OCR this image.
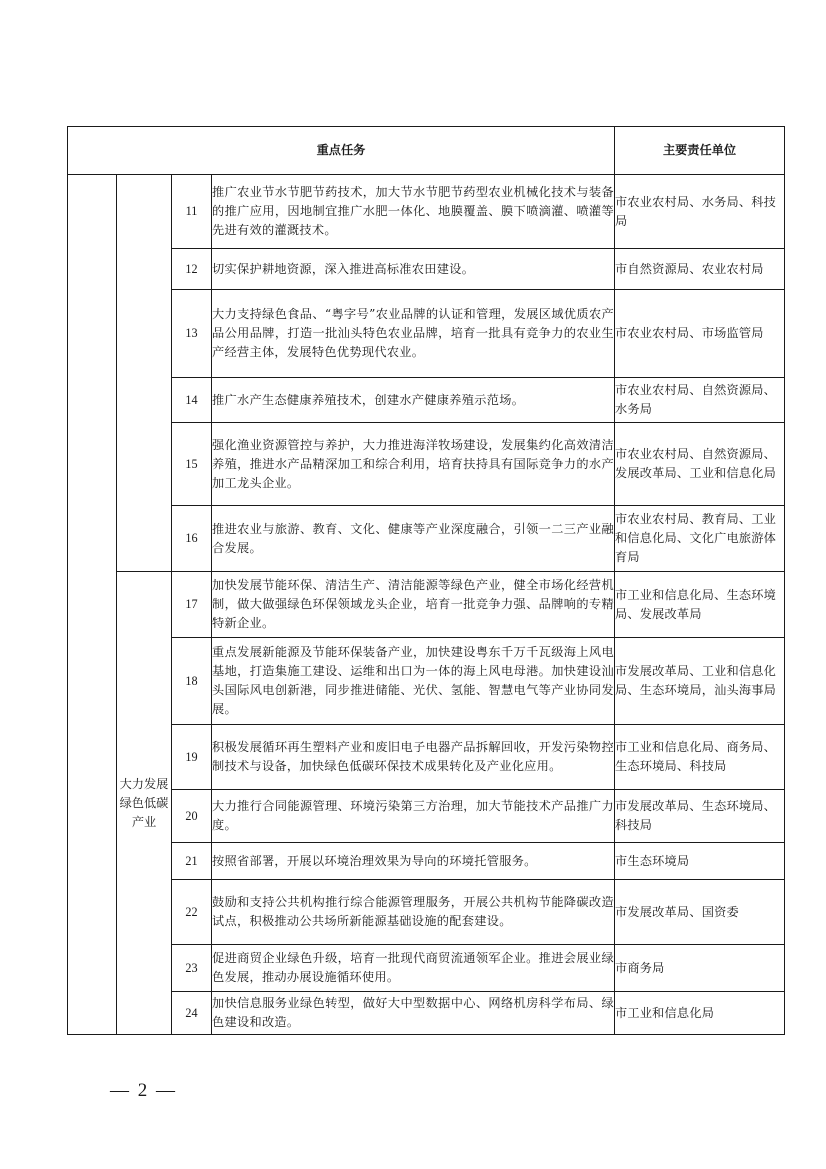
重点任务				主要责任单位
		11	推广农业节水节肥节药技术，加大节水节肥节药型农业机械化技术与装备的推广应用，因地制宜推广水肥一体化、地膜覆盖、膜下喷滴灌、喷灌等先进有效的灌溉技术。	市农业农村局、水务局、科技局
		12	切实保护耕地资源，深入推进高标准农田建设。	市自然资源局、农业农村局
		13	大力支持绿色食品、“粤字号”农业品牌的认证和管理，发展区域优质农产品公用品牌，打造一批汕头特色农业品牌，培育一批具有竞争力的农业生产经营主体，发展特色优势现代农业。	市农业农村局、市场监管局
		14	推广水产生态健康养殖技术，创建水产健康养殖示范场。	市农业农村局、自然资源局、水务局
		15	强化渔业资源管控与养护，大力推进海洋牧场建设，发展集约化高效清洁养殖，推进水产品精深加工和综合利用，培育扶持具有国际竞争力的水产加工龙头企业。	市农业农村局、自然资源局、发展改革局、工业和信息化局
		16	推进农业与旅游、教育、文化、健康等产业深度融合，引领一二三产业融合发展。	市农业农村局、教育局、工业和信息化局、文化广电旅游体育局
	大力发展绿色低碳产业	17	加快发展节能环保、清洁生产、清洁能源等绿色产业，健全市场化经营机制，做大做强绿色环保领域龙头企业，培育一批竞争力强、品牌响的专精特新企业。	市工业和信息化局、生态环境局、发展改革局
		18	重点发展新能源及节能环保装备产业，加快建设粤东千万千瓦级海上风电基地，打造集施工建设、运维和出口为一体的海上风电母港。加快建设汕头国际风电创新港，同步推进储能、光伏、氢能、智慧电气等产业协同发展。	市发展改革局、工业和信息化局、生态环境局，汕头海事局
		19	积极发展循环再生塑料产业和废旧电子电器产品拆解回收，开发污染物控制技术与设备，加快绿色低碳环保技术成果转化及产业化应用。	市工业和信息化局、商务局、生态环境局、科技局
		20	大力推行合同能源管理、环境污染第三方治理，加大节能技术产品推广力度。	市发展改革局、生态环境局、科技局
		21	按照省部署，开展以环境治理效果为导向的环境托管服务。	市生态环境局
		22	鼓励和支持公共机构推行综合能源管理服务，开展公共机构节能降碳改造试点，积极推动公共场所新能源基础设施的配套建设。	市发展改革局、国资委
		23	促进商贸企业绿色升级，培育一批现代商贸流通领军企业。推进会展业绿色发展，推动办展设施循环使用。	市商务局
		24	加快信息服务业绿色转型，做好大中型数据中心、网络机房科学布局、绿色建设和改造。	市工业和信息化局
— 2 —
